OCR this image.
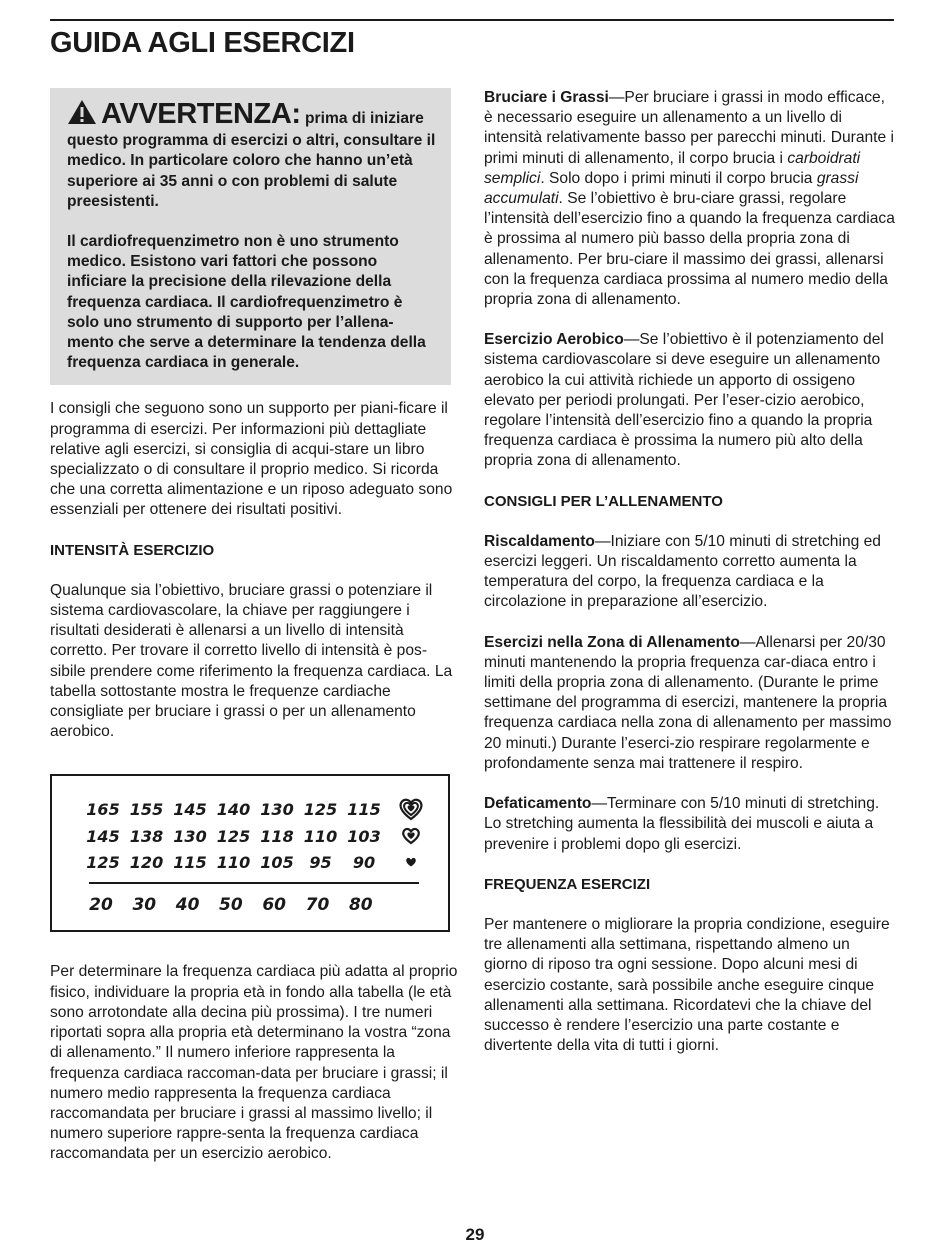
GUIDA AGLI ESERCIZI

AVVERTENZA: prima di iniziare questo programma di esercizi o altri, consultare il medico. In particolare coloro che hanno un’età superiore ai 35 anni o con problemi di salute preesistenti.

Il cardiofrequenzimetro non è uno strumento medico. Esistono vari fattori che possono inficiare la precisione della rilevazione della frequenza cardiaca. Il cardiofrequenzimetro è solo uno strumento di supporto per l’allena-mento che serve a determinare la tendenza della frequenza cardiaca in generale.

I consigli che seguono sono un supporto per piani-ficare il programma di esercizi. Per informazioni più dettagliate relative agli esercizi, si consiglia di acqui-stare un libro specializzato o di consultare il proprio medico. Si ricorda che una corretta alimentazione e un riposo adeguato sono essenziali per ottenere dei risultati positivi.

INTENSITÀ ESERCIZIO

Qualunque sia l’obiettivo, bruciare grassi o potenziare il sistema cardiovascolare, la chiave per raggiungere i risultati desiderati è allenarsi a un livello di intensità corretto. Per trovare il corretto livello di intensità è pos-sibile prendere come riferimento la frequenza cardiaca. La tabella sottostante mostra le frequenze cardiache consigliate per bruciare i grassi o per un allenamento aerobico.

125 120 115 110 105 95	90
145 138 130 125 118 110 103
165 155 145 140 130 125 115
20	30	40	50	60	70	80

Per determinare la frequenza cardiaca più adatta al proprio fisico, individuare la propria età in fondo alla tabella (le età sono arrotondate alla decina più prossima). I tre numeri riportati sopra alla propria età determinano la vostra “zona di allenamento.” Il numero inferiore rappresenta la frequenza cardiaca raccoman-data per bruciare i grassi; il numero medio rappresenta la frequenza cardiaca raccomandata per bruciare i grassi al massimo livello; il numero superiore rappre-senta la frequenza cardiaca raccomandata per un esercizio aerobico.

Bruciare i Grassi—Per bruciare i grassi in modo efficace, è necessario eseguire un allenamento a un livello di intensità relativamente basso per parecchi minuti. Durante i primi minuti di allenamento, il corpo brucia i carboidrati semplici. Solo dopo i primi minuti il corpo brucia grassi accumulati. Se l’obiettivo è bru-ciare grassi, regolare l’intensità dell’esercizio fino a quando la frequenza cardiaca è prossima al numero più basso della propria zona di allenamento. Per bru-ciare il massimo dei grassi, allenarsi con la frequenza cardiaca prossima al numero medio della propria zona di allenamento.

Esercizio Aerobico—Se l’obiettivo è il potenziamento del sistema cardiovascolare si deve eseguire un allenamento aerobico la cui attività richiede un apporto di ossigeno elevato per periodi prolungati. Per l’eser-cizio aerobico, regolare l’intensità dell’esercizio fino a quando la propria frequenza cardiaca è prossima la numero più alto della propria zona di allenamento.

CONSIGLI PER L’ALLENAMENTO

Riscaldamento—Iniziare con 5/10 minuti di stretching ed esercizi leggeri. Un riscaldamento corretto aumenta la temperatura del corpo, la frequenza cardiaca e la circolazione in preparazione all’esercizio.

Esercizi nella Zona di Allenamento—Allenarsi per 20/30 minuti mantenendo la propria frequenza car-diaca entro i limiti della propria zona di allenamento. (Durante le prime settimane del programma di esercizi, mantenere la propria frequenza cardiaca nella zona di allenamento per massimo 20 minuti.) Durante l’eserci-zio respirare regolarmente e profondamente senza mai trattenere il respiro.

Defaticamento—Terminare con 5/10 minuti di stretching. Lo stretching aumenta la flessibilità dei muscoli e aiuta a prevenire i problemi dopo gli esercizi.

FREQUENZA ESERCIZI

Per mantenere o migliorare la propria condizione, eseguire tre allenamenti alla settimana, rispettando almeno un giorno di riposo tra ogni sessione. Dopo alcuni mesi di esercizio costante, sarà possibile anche eseguire cinque allenamenti alla settimana. Ricordatevi che la chiave del successo è rendere l’esercizio una parte costante e divertente della vita di tutti i giorni.

29
